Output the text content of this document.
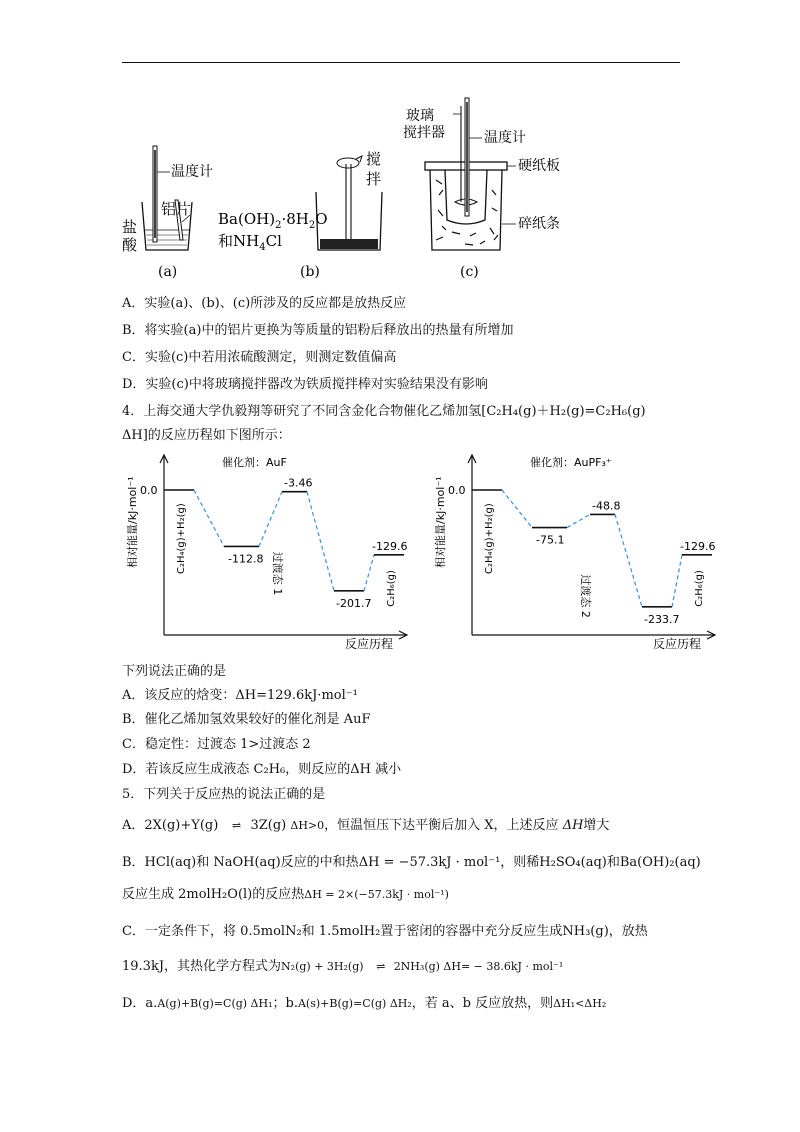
温度计
铝片
盐
酸
(a)
搅
拌
$Ba(OH)_2\cdot 8H_2O$
和$NH_4Cl$
(b)
玻璃
搅拌器	温度计
硬纸板
碎纸条
(c)
A．实验(a)、(b)、(c)所涉及的反应都是放热反应
B．将实验(a)中的铝片更换为等质量的铝粉后释放出的热量有所增加
C．实验(c)中若用浓硫酸测定，则测定数值偏高
D．实验(c)中将玻璃搅拌器改为铁质搅拌棒对实验结果没有影响
4．上海交通大学仇毅翔等研究了不同含金化合物催化乙烯加氢[C₂H₄(g)＋H₂(g)=C₂H₆(g)
ΔH]的反应历程如下图所示：
相对能量/kJ·mol⁻¹
反应历程
催化剂：AuF
0.0
-112.8
-3.46
-201.7
-129.6
C₂H₄(g)+H₂(g)	过渡态 1	C₂H₆(g)
相对能量/kJ·mol⁻¹
反应历程
催化剂：AuPF₃⁺
0.0
-75.1
-48.8
-233.7
-129.6
C₂H₄(g)+H₂(g)
过渡态 2	C₂H₆(g)
下列说法正确的是
A．该反应的焓变：ΔH=129.6kJ·mol⁻¹
B．催化乙烯加氢效果较好的催化剂是 AuF
C．稳定性：过渡态 1>过渡态 2
D．若该反应生成液态 C₂H₆，则反应的ΔH 减小
5．下列关于反应热的说法正确的是
A．2X(g)+Y(g) ⇌ 3Z(g) ΔH>0，恒温恒压下达平衡后加入 X，上述反应 ΔH增大
B．HCl(aq)和 NaOH(aq)反应的中和热ΔH = −57.3kJ · mol⁻¹，则稀H₂SO₄(aq)和Ba(OH)₂(aq)
反应生成 2molH₂O(l)的反应热ΔH = 2×(−57.3kJ · mol⁻¹)
C．一定条件下，将 0.5molN₂和 1.5molH₂置于密闭的容器中充分反应生成NH₃(g)，放热
19.3kJ，其热化学方程式为N₂(g) + 3H₂(g) ⇌ 2NH₃(g) ΔH= − 38.6kJ · mol⁻¹
D．a.A(g)+B(g)=C(g) ΔH₁；b.A(s)+B(g)=C(g) ΔH₂，若 a、b 反应放热，则ΔH₁<ΔH₂
